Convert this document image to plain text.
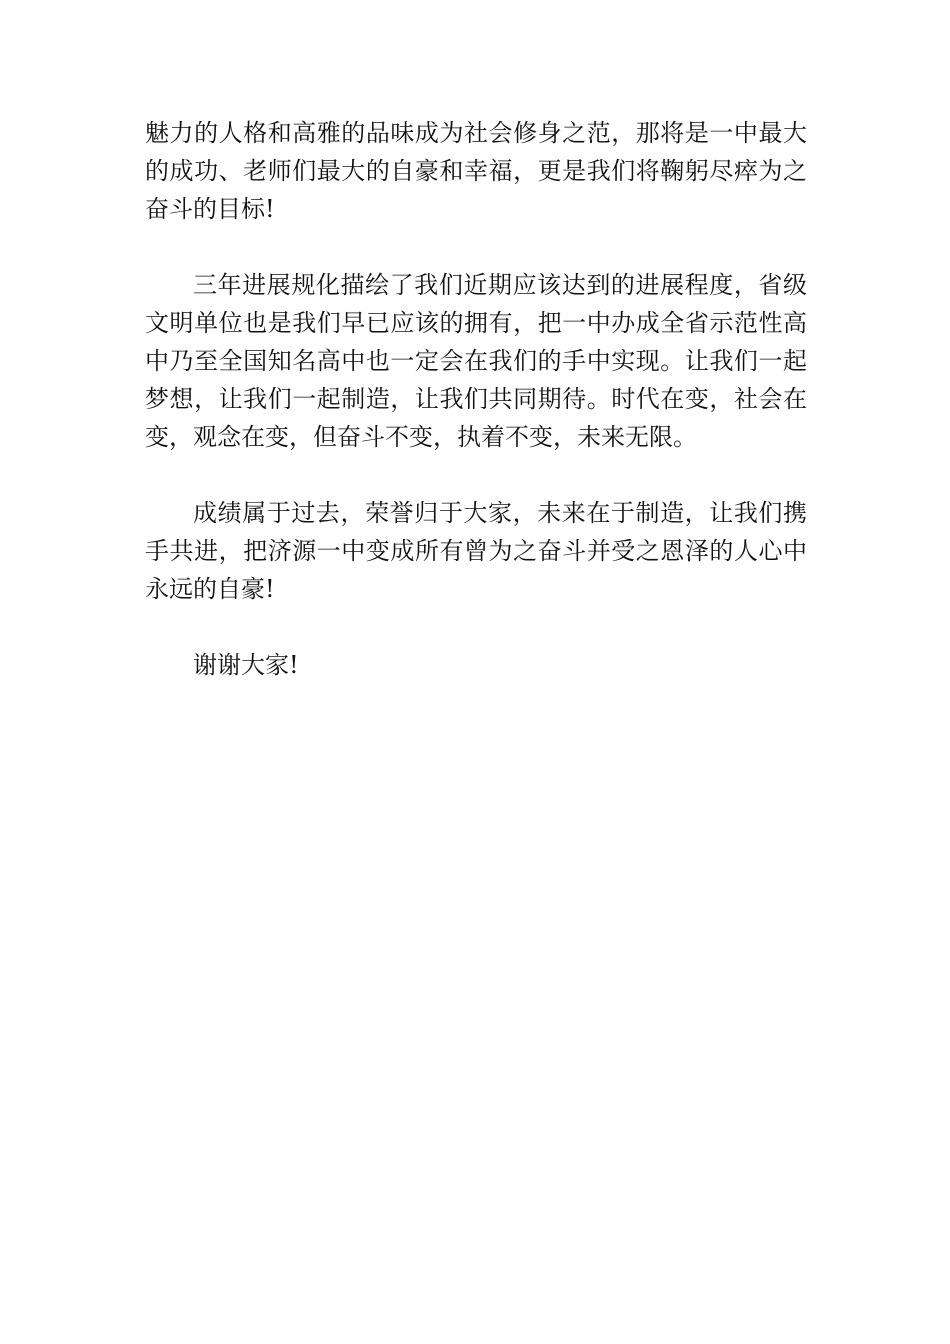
魅力的人格和高雅的品味成为社会修身之范，那将是一中最大
的成功、老师们最大的自豪和幸福，更是我们将鞠躬尽瘁为之
奋斗的目标!
三年进展规化描绘了我们近期应该达到的进展程度，省级
文明单位也是我们早已应该的拥有，把一中办成全省示范性高
中乃至全国知名高中也一定会在我们的手中实现。让我们一起
梦想，让我们一起制造，让我们共同期待。时代在变，社会在
变，观念在变，但奋斗不变，执着不变，未来无限。
成绩属于过去，荣誉归于大家，未来在于制造，让我们携
手共进，把济源一中变成所有曾为之奋斗并受之恩泽的人心中
永远的自豪!
谢谢大家!
